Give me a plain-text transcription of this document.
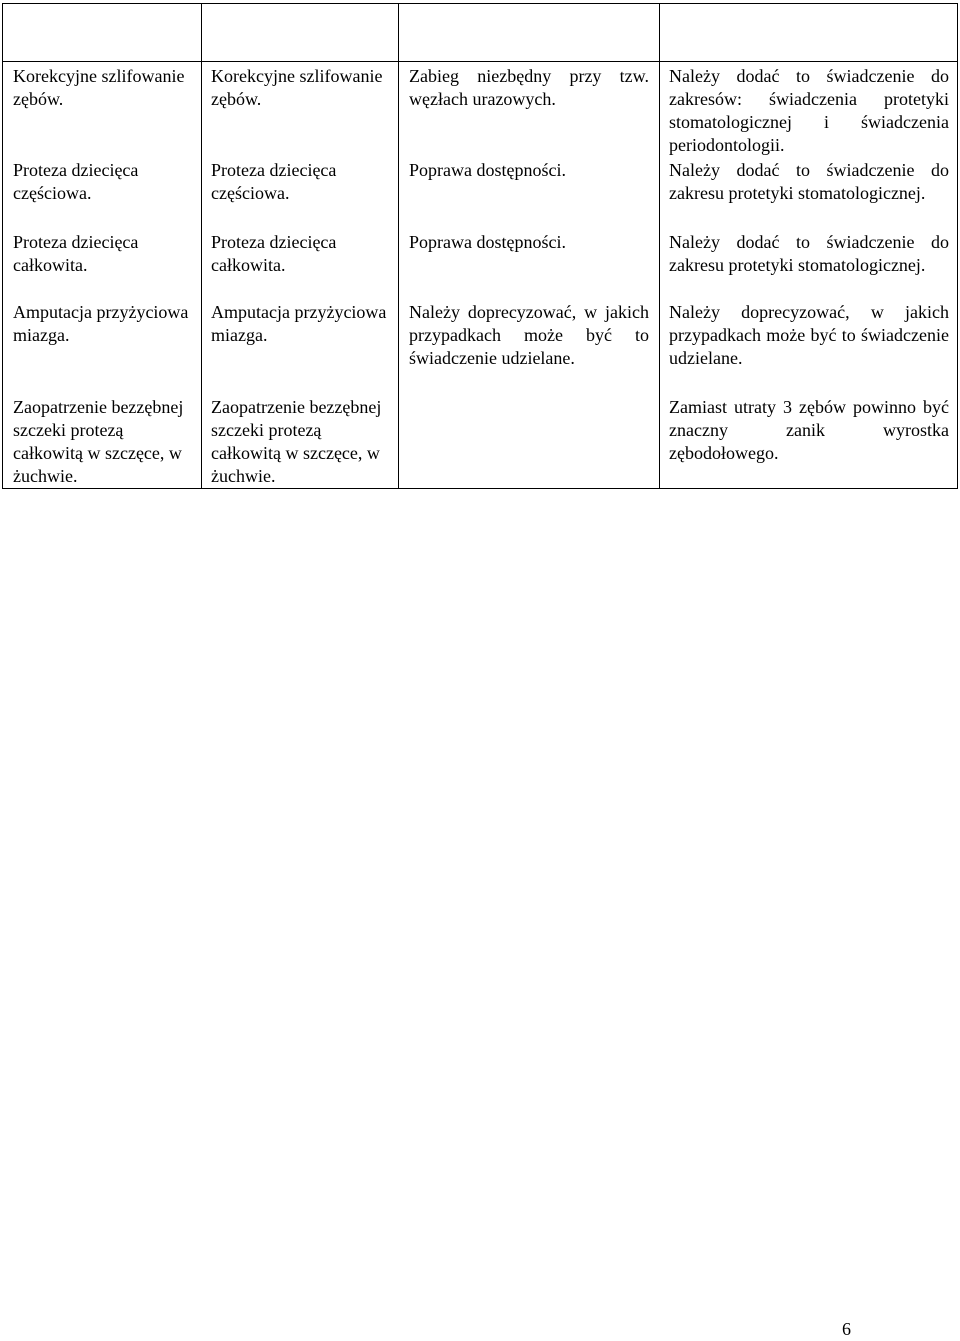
Korekcyjne szlifowanie zębów.

Proteza dziecięca częściowa.

Proteza dziecięca całkowita.

Amputacja przyżyciowa miazga.

Zaopatrzenie bezzębnej szczeki protezą całkowitą w szczęce, w żuchwie.

Korekcyjne szlifowanie zębów.

Proteza dziecięca częściowa.

Proteza dziecięca całkowita.

Amputacja przyżyciowa miazga.

Zaopatrzenie bezzębnej szczeki protezą całkowitą w szczęce, w żuchwie.

Zabieg niezbędny przy tzw. węzłach urazowych.

Poprawa dostępności.

Poprawa dostępności.

Należy doprecyzować, w jakich przypadkach może być to świadczenie udzielane.

Należy dodać to świadczenie do zakresów: świadczenia protetyki stomatologicznej i świadczenia periodontologii.

Należy dodać to świadczenie do zakresu protetyki stomatologicznej.

Należy dodać to świadczenie do zakresu protetyki stomatologicznej.

Należy doprecyzować, w jakich przypadkach może być to świadczenie udzielane.

Zamiast utraty 3 zębów powinno być znaczny zanik wyrostka zębodołowego.

6
